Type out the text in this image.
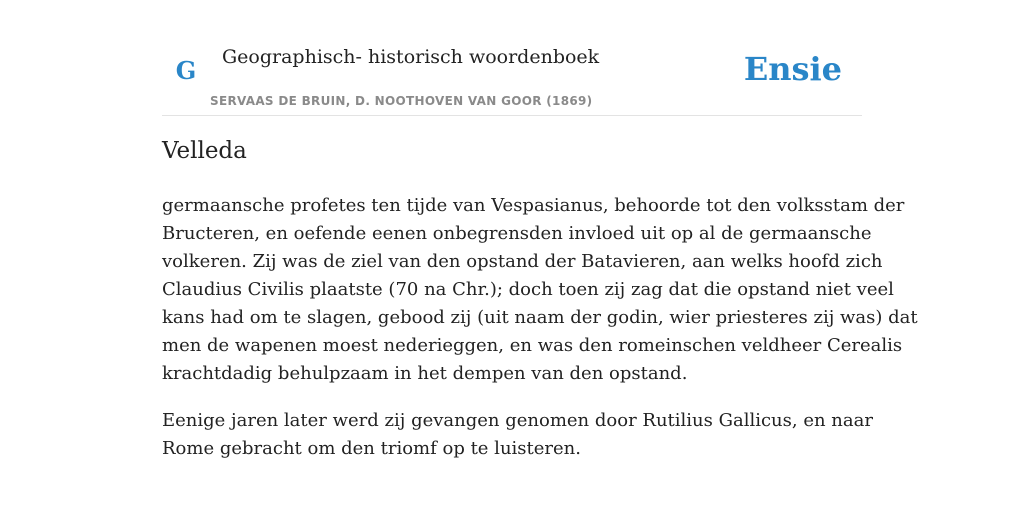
G	Geographisch- historisch woordenboek
SERVAAS DE BRUIN, D. NOOTHOVEN VAN GOOR (1869)
Ensie
Velleda

germaansche profetes ten tijde van Vespasianus, behoorde tot den volksstam der
Bructeren, en oefende eenen onbegrensden invloed uit op al de germaansche
volkeren. Zij was de ziel van den opstand der Batavieren, aan welks hoofd zich
Claudius Civilis plaatste (70 na Chr.); doch toen zij zag dat die opstand niet veel
kans had om te slagen, gebood zij (uit naam der godin, wier priesteres zij was) dat
men de wapenen moest nederieggen, en was den romeinschen veldheer Cerealis
krachtdadig behulpzaam in het dempen van den opstand.

Eenige jaren later werd zij gevangen genomen door Rutilius Gallicus, en naar
Rome gebracht om den triomf op te luisteren.
